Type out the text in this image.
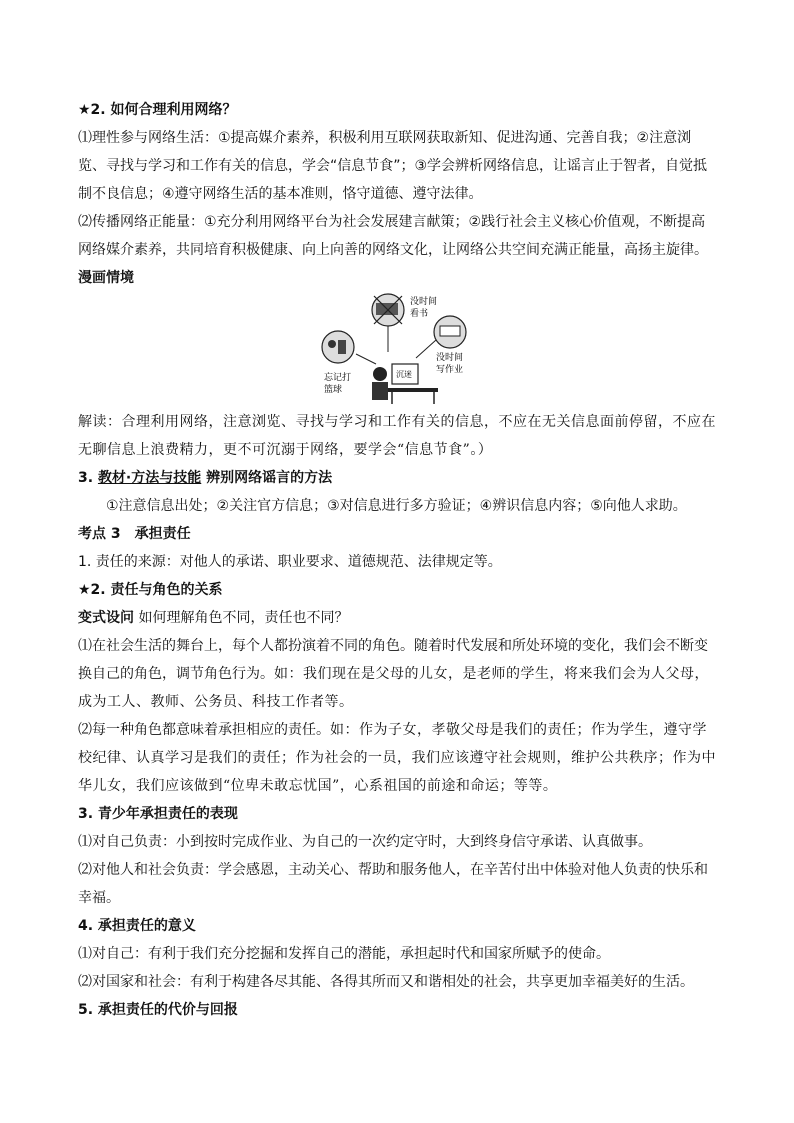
★2. 如何合理利用网络？
⑴理性参与网络生活：①提高媒介素养，积极利用互联网获取新知、促进沟通、完善自我；②注意浏览、寻找与学习和工作有关的信息，学会“信息节食”；③学会辨析网络信息，让谣言止于智者，自觉抵制不良信息；④遵守网络生活的基本准则，恪守道德、遵守法律。
⑵传播网络正能量：①充分利用网络平台为社会发展建言献策；②践行社会主义核心价值观，不断提高网络媒介素养，共同培育积极健康、向上向善的网络文化，让网络公共空间充满正能量，高扬主旋律。
漫画情境
没时间
看书
忘记打
篮球
没时间
写作业
沉迷
解读：合理利用网络，注意浏览、寻找与学习和工作有关的信息，不应在无关信息面前停留，不应在无聊信息上浪费精力，更不可沉溺于网络，要学会“信息节食”。）
3. 教材·方法与技能 辨别网络谣言的方法
①注意信息出处；②关注官方信息；③对信息进行多方验证；④辨识信息内容；⑤向他人求助。
考点 3　承担责任
1. 责任的来源：对他人的承诺、职业要求、道德规范、法律规定等。
★2. 责任与角色的关系
变式设问 如何理解角色不同，责任也不同？
⑴在社会生活的舞台上，每个人都扮演着不同的角色。随着时代发展和所处环境的变化，我们会不断变换自己的角色，调节角色行为。如：我们现在是父母的儿女，是老师的学生，将来我们会为人父母，成为工人、教师、公务员、科技工作者等。
⑵每一种角色都意味着承担相应的责任。如：作为子女，孝敬父母是我们的责任；作为学生，遵守学校纪律、认真学习是我们的责任；作为社会的一员，我们应该遵守社会规则，维护公共秩序；作为中华儿女，我们应该做到“位卑未敢忘忧国”，心系祖国的前途和命运；等等。
3. 青少年承担责任的表现
⑴对自己负责：小到按时完成作业、为自己的一次约定守时，大到终身信守承诺、认真做事。
⑵对他人和社会负责：学会感恩，主动关心、帮助和服务他人，在辛苦付出中体验对他人负责的快乐和幸福。
4. 承担责任的意义
⑴对自己：有利于我们充分挖掘和发挥自己的潜能，承担起时代和国家所赋予的使命。
⑵对国家和社会：有利于构建各尽其能、各得其所而又和谐相处的社会，共享更加幸福美好的生活。
5. 承担责任的代价与回报
